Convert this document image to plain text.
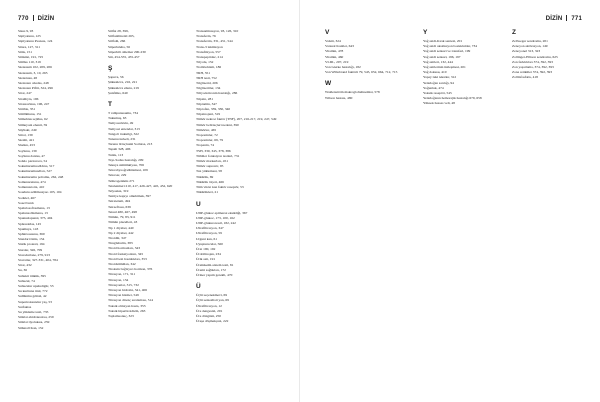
770 DİZİN
Sisus 9, 93
Siştiyatunu, 125
Siştiyatunu Psonası, 124
Sitara, 127, 311
Sitüs, 151
Sitüsüst, 191, 725
Siüllus 110, 319
Skolesum 102, 209, 206
Skolesum, 3, 10, 265
Skoletusu, 48
Skolosun ohadas, 248
Skolosun Piftti, 324, 296
Strat, 247
Straübyta, 196
Strateavinus, 196, 247
Strübia, 351
Stüillimunu, 151
Sümahtus sejldus, 62
Sümuyoni ehenti, 59
Süyhakt, 249
Sürol, 139
Skolüt, 421
Sludun, 453
Soylunu, 139
Soylunu dantus, 47
Solulo parıtaraca, 54
Sokumarumuodldrus, 517
Sokumarumuadları, 527
Sokumarumu poltamu, 262, 248
Somunarutunu, 474
Somunustotta, 410
Soudutu azültikusyuo 103, 104
Sodulel, 467
Sosel bunlı
Spalulosoftasmana, 13
Spalunsolüsmana, 13
Spunuslapunsl, 375, 404
Spüoualdas, 145
Spumuya, 143
Sphinxossunu, 360
Standart tinüs, 154
Statik protesti, 194
Sturdar, 326, 709
Stotodurlane, 279, 913
Stotrıtler, 327-331, 404, 784
Strat, 432
Su, 36
Subukti trükük, 395
Subuzul, 74
Subuzular upuludtgür, 53
Su kurttuna ünit, 772
Sullünmu grütsü, 42
Supertroksundar yaş, 53
Surfaktas
Su yükleme testi, 735
Sülalat ehidroksılosı, 259
Sülalat tiyolukası, 259
Sülunall Kan, 152
Sülfat 28, 399,
Sülfonilürenli 265,
Sülfolü, 266
Süperluleha, 56
Süperhilt olüemar 290-230
Sür, 454-555, 455-457
Ş
Şapuva, 56
Şükusüzva, 216, 221
Şükusüzva ehutu, 219
Şunfimıs, 640
T
T ralüpunusumu, 734
Tukumuş, 63
Tamyosuluvin, 49
Tamyosi entendar, 313
Tungolt trukuilgi, 322
Tunanu turkeli, 231
Tarunu lirtaçlıunü Sorlatsa, 213
Tapsüt 328, 406
Tunlu, 113
Tayı-Sadus hastalığı, 209
Tekuya simümkiyası, 706
Telorabyaoğrıdhüsmesi, 109
Telorsar, 229
Telüzogeniküs 271
Tetalenmeri 210, 417, 426-427, 445, 452, 620
Telyaskız, 319
Tentiye kapıyı omuhtmak, 397
Tetratetum, 494
Tetraeflosu, 639
Tetaul 480, 467, 498
Tümün, 79, 83, 911
Tümün plezelleri, 43
Tip 1 diyabet, 440
Tip 2 diyabet, 442
Tiroidüt, 347
Tiruglubulin, 383
Tiroid hormonları, 343
Tiroid fonksiyonları, 345
Tiroid bezi hastalıkları, 353
Tiroidstimülan, 342
Tiroksin bağlayıcı hormon, 376
Titrasyon, 171, 311
Titrasyon, 134
Titrasyonlar, 315, 732
Titrasyon hidroliz, 341, 406
Titrasyon hizmet, 549
Titrasyon direnç sıralaması, 514
Toksik olmayan hasta, 353
Toksik hipertiroidizm, 263
Toplamsonuç, 323
Transaminasyon, 93, 126, 310
Transferin, 76
Transferrin, 331, 451, 544
Trans-3 lekülasyon
Transfüzyon, 557
Transpeptidaz, 214
Triyolu, 152
Trombohizm, 186
TRH, 351
TRH testi, 752
Trigliserid, 206
Trigliseritler, 134
Triiyodotironin hastalığı, 286
Tripsin, 281
Triptamin, 347
Triptofan, 339, 330, 340
Tripsinojeni, 319
Tümör nekroz faktör (TNF), 207, 216-217, 219, 247, 549
Tümör belirteçleri nedeni, 390
Tümörler, 465
Troponinler, 72
Troponinler, 69, 79
Tropanin, 74
TSH, 330, 345, 378, 386
Tübüler fonksiyon testleri, 731
Tümör markerları, 451
Tümör supresör, 95
Tuz yüklemesi, 58
Tükürük, 69
Tükürük ölçeri, 466
Tüm vücut kan faktör reseptör, 53
Tükürükleri, 21
U
UDP-glukoz epimeraz eksikliği, 367
UDP-glukoz, 173, 100, 162
UDP-glukuronosil, 182, 242
Ultrafiltrasyon, 347
Ultrafiltrasyon, 59
Urgunt kan, 61
Uyuşturucular, 560
Ürat 190, 192
Ürobilinojen, 234
Ürik asit, 191
Üreüskemi-sistem testi, 81
Üremi sağlıkları, 172
Üriner yapım gerekli, 470
Ü
Üçlü seçenekmevi, 69
Üçlü sentezlisit yan, 69
Ültrafiltrasyon, 12
Üre dengesizi, 201
Üre döngüsü, 250
Üreşe döşmekçesi, 222
DİZİN 771
V
Valsüt, 324
Varsual Koniler, 643
Vitamin, 478
Vitamin, 460
VLDL, 207, 219
Von Gierke hastalığı, 182
Von Willebrand faktörü 79, 545, 652, 664, 712, 715
W
Waldenström makroglobulinemisi, 578
Wilson hastası, 480
Y
Yağ asidi-Kırık sentezi, 201
Yağ asidi oksidasyon bozukluldar, 734
Yağ asidi sentezi ve transferi, 199
Yağ asidi sentezi, 196, 197
Yağ asitleri, 132, 444
Yağ asitlerinin üstleşmesi, 201
Yağ dokusu, 410
Yapay tuki tekstler, 312
Yenidoğan sarılığı, 94
Yoğunluk, 474
Yoksik reseptör, 545
Yenidoğanın hemorajik hastalığı 679, 658
Yüksek hassas veli, 48
Z
Zellweger sendromu, 201
Zenoyon aktivasyon, 149
Zenoyonel 313, 323
Zollinger-Ellison sendromu, 625
Zon farklılıları 374, 392, 393
Zon yaşarlama, 374, 392, 393
Zona retiküler 374, 392, 393
Zollinfosfatis, 418
